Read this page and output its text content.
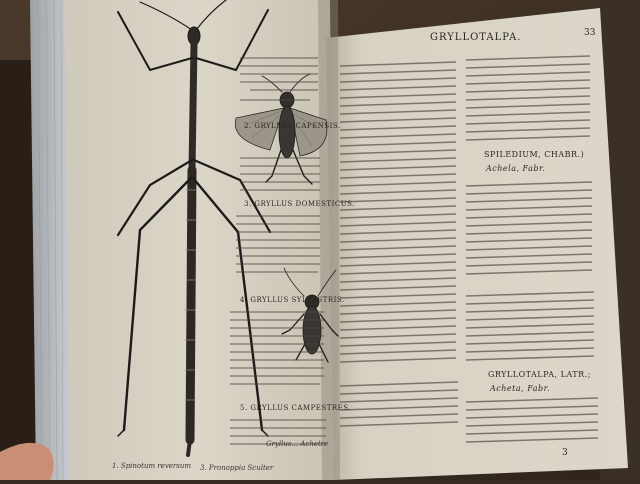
GRYLLOTALPA.	33
SPILEDIUM, CHABR.)
Achela, Fabr.
GRYLLOTALPA, LATR.;
Acheta, Fabr.
3
2. GRYLLUS CAPENSIS.
3. GRYLLUS DOMESTICUS.
4. GRYLLUS SYLVESTRIS.
5. GRYLLUS CAMPESTRES.
1. Spinotum reversum 3. Pronoppia Sculter
Gryllus... Achetre
